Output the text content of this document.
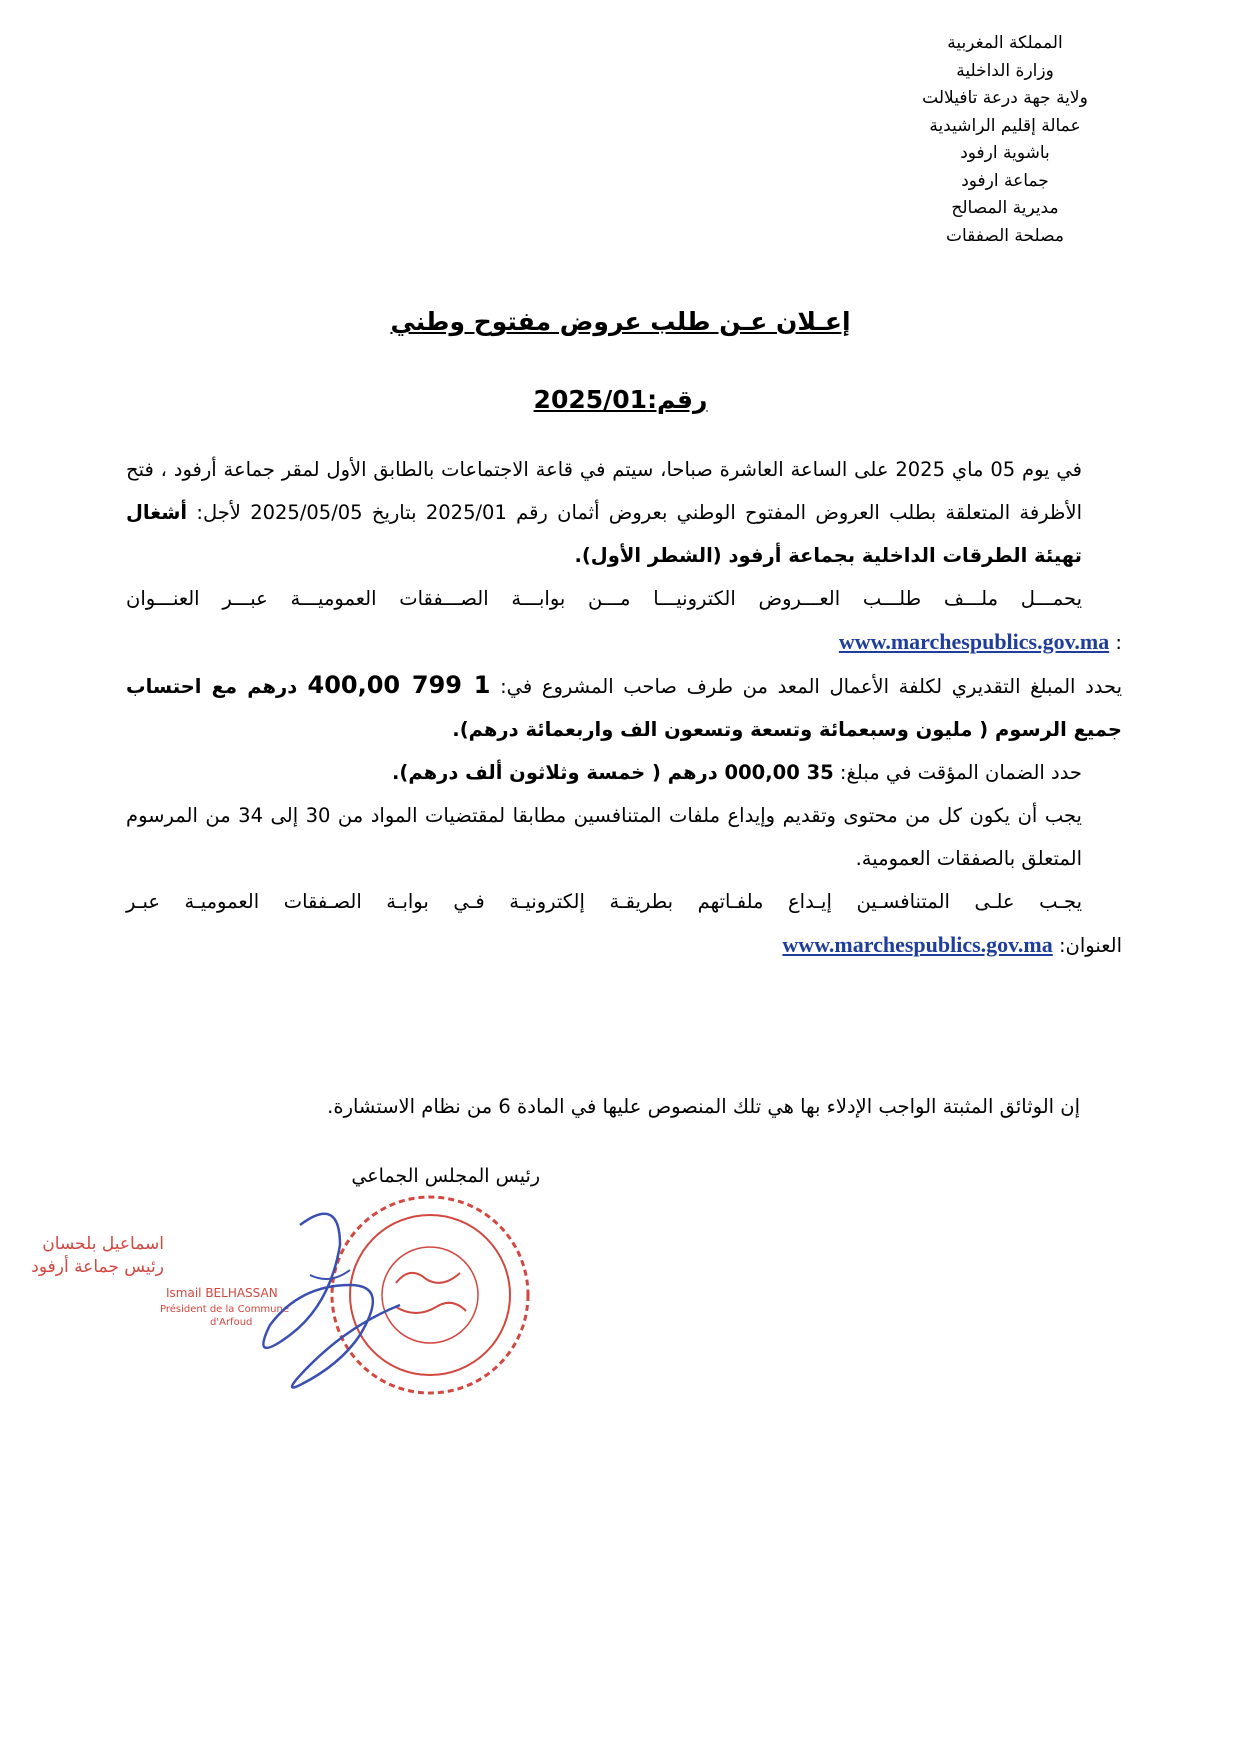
المملكة المغربية
وزارة الداخلية
ولاية جهة درعة تافيلالت
عمالة إقليم الراشيدية
باشوية ارفود
جماعة ارفود
مديرية المصالح
مصلحة الصفقات
إعـلان عـن طلب عروض مفتوح وطني
رقم:2025/01

في يوم 05 ماي 2025 على الساعة العاشرة صباحا، سيتم في قاعة الاجتماعات بالطابق الأول لمقر جماعة أرفود ، فتح الأظرفة المتعلقة بطلب العروض المفتوح الوطني بعروض أثمان رقم 2025/01 بتاريخ 2025/05/05 لأجل: أشغال تهيئة الطرقات الداخلية بجماعة أرفود (الشطر الأول).

يحمـــل ملـــف طلـــب العـــروض الكترونيـــا مـــن بوابـــة الصـــفقات العموميـــة عبـــر العنـــوان

: www.marchespublics.gov.ma

يحدد المبلغ التقديري لكلفة الأعمال المعد من طرف صاحب المشروع في: 1 799 400,00 درهم مع احتساب جميع الرسوم ( مليون وسبعمائة وتسعة وتسعون الف واربعمائة درهم).

حدد الضمان المؤقت في مبلغ: 35 000,00 درهم ( خمسة وثلاثون ألف درهم).

يجب أن يكون كل من محتوى وتقديم وإيداع ملفات المتنافسين مطابقا لمقتضيات المواد من 30 إلى 34 من المرسوم المتعلق بالصفقات العمومية.

يجـب علـى المتنافسـين إيـداع ملفـاتهم بطريقـة إلكترونيـة فـي بوابـة الصـفقات العموميـة عبـر

العنوان: www.marchespublics.gov.ma

إن الوثائق المثبتة الواجب الإدلاء بها هي تلك المنصوص عليها في المادة 6 من نظام الاستشارة.
رئيس المجلس الجماعي
اسماعيل بلحسان
رئيس جماعة أرفود
Ismail BELHASSAN
Président de la Commune
d'Arfoud
